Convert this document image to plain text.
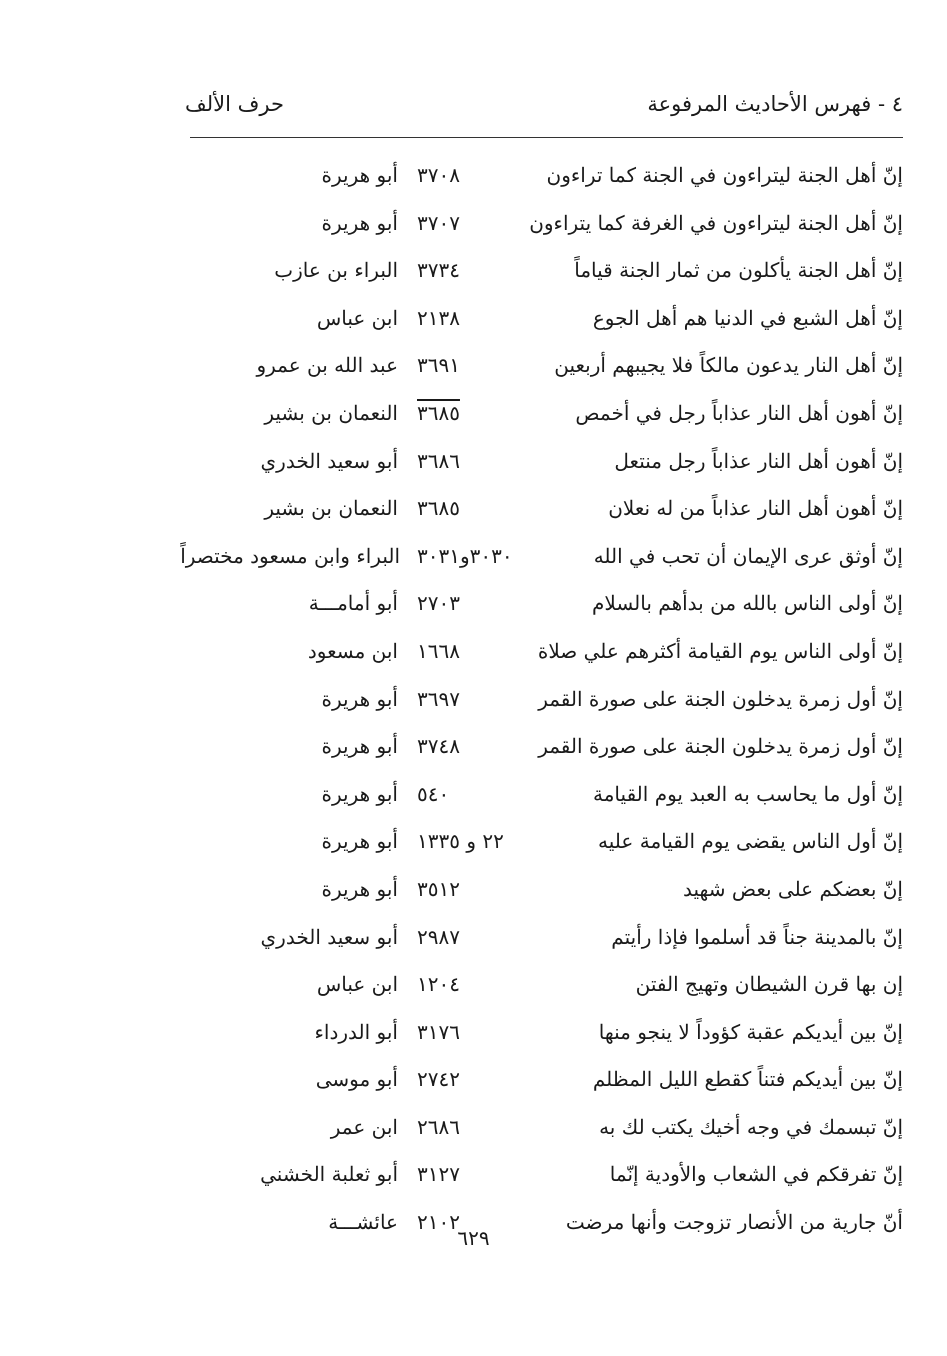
٤ - فهرس الأحاديث المرفوعة
حرف الألف
إنّ أهل الجنة ليتراءون في الجنة كما تراءون
٣٧٠٨
أبو هريرة
إنّ أهل الجنة ليتراءون في الغرفة كما يتراءون
٣٧٠٧
أبو هريرة
إنّ أهل الجنة يأكلون من ثمار الجنة قياماً
٣٧٣٤
البراء بن عازب
إنّ أهل الشبع في الدنيا هم أهل الجوع
٢١٣٨
ابن عباس
إنّ أهل النار يدعون مالكاً فلا يجيبهم أربعين
٣٦٩١
عبد الله بن عمرو
إنّ أهون أهل النار عذاباً رجل في أخمص
٣٦٨٥
النعمان بن بشير
إنّ أهون أهل النار عذاباً رجل منتعل
٣٦٨٦
أبو سعيد الخدري
إنّ أهون أهل النار عذاباً من له نعلان
٣٦٨٥
النعمان بن بشير
إنّ أوثق عرى الإيمان أن تحب في الله
٣٠٣٠و٣٠٣١
البراء وابن مسعود مختصراً
إنّ أولى الناس بالله من بدأهم بالسلام
٢٧٠٣
أبو أمامـــة
إنّ أولى الناس يوم القيامة أكثرهم علي صلاة
١٦٦٨
ابن مسعود
إنّ أول زمرة يدخلون الجنة على صورة القمر
٣٦٩٧
أبو هريرة
إنّ أول زمرة يدخلون الجنة على صورة القمر
٣٧٤٨
أبو هريرة
إنّ أول ما يحاسب به العبد يوم القيامة
٥٤٠
أبو هريرة
إنّ أول الناس يقضى يوم القيامة عليه
٢٢ و ١٣٣٥
أبو هريرة
إنّ بعضكم على بعض شهيد
٣٥١٢
أبو هريرة
إنّ بالمدينة جناً قد أسلموا فإذا رأيتم
٢٩٨٧
أبو سعيد الخدري
إن بها قرن الشيطان وتهيج الفتن
١٢٠٤
ابن عباس
إنّ بين أيديكم عقبة كؤوداً لا ينجو منها
٣١٧٦
أبو الدرداء
إنّ بين أيديكم فتناً كقطع الليل المظلم
٢٧٤٢
أبو موسى
إنّ تبسمك في وجه أخيك يكتب لك به
٢٦٨٦
ابن عمر
إنّ تفرقكم في الشعاب والأودية إنّما
٣١٢٧
أبو ثعلبة الخشني
أنّ جارية من الأنصار تزوجت وأنها مرضت
٢١٠٢
عائشـــة
٦٢٩
